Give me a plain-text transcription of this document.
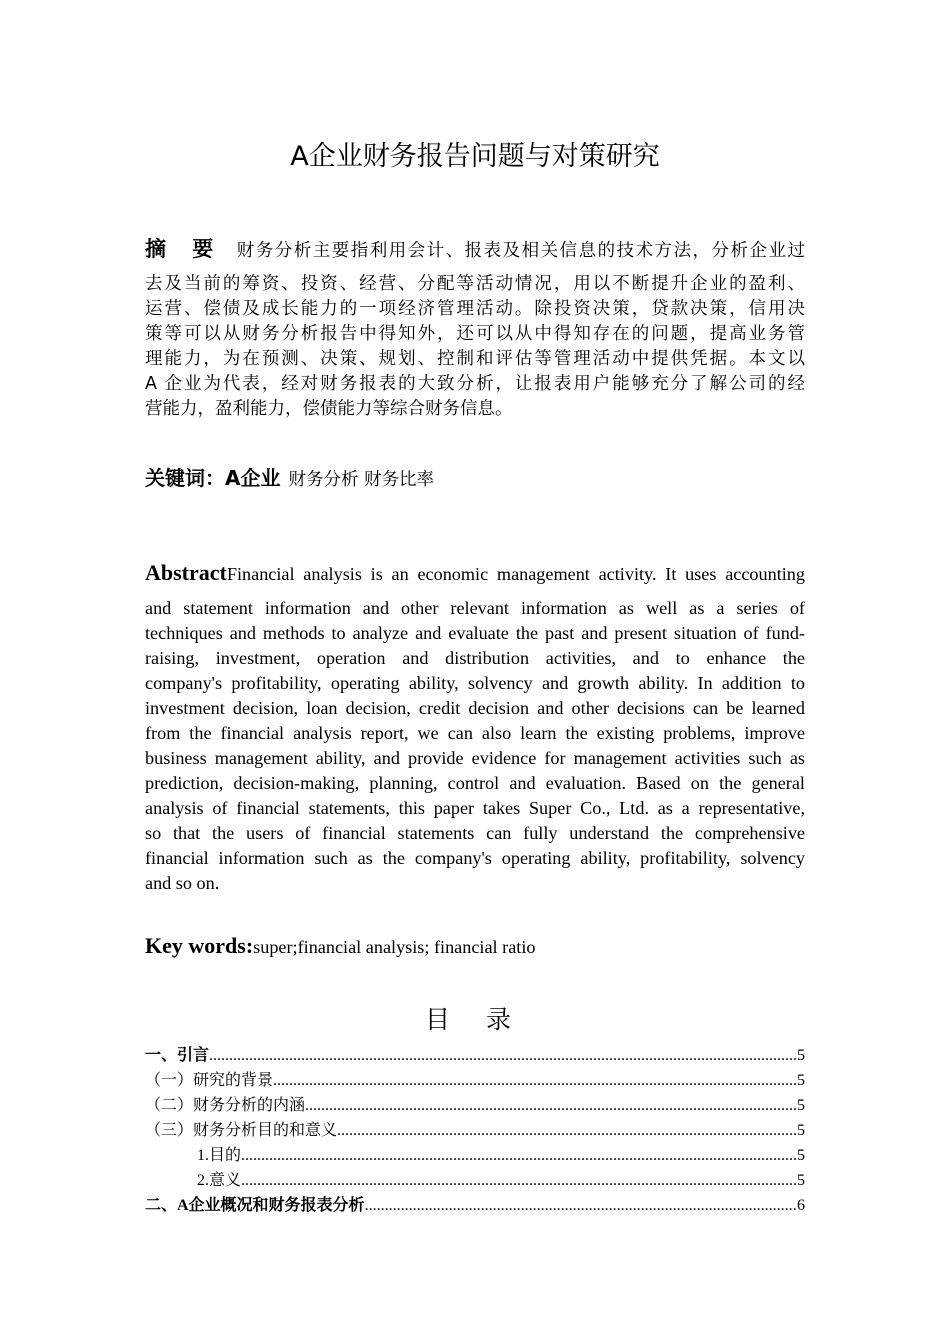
A企业财务报告问题与对策研究
摘 要 财务分析主要指利用会计、报表及相关信息的技术方法，分析企业过
去及当前的筹资、投资、经营、分配等活动情况，用以不断提升企业的盈利、
运营、偿债及成长能力的一项经济管理活动。除投资决策，贷款决策，信用决
策等可以从财务分析报告中得知外，还可以从中得知存在的问题，提高业务管
理能力，为在预测、决策、规划、控制和评估等管理活动中提供凭据。本文以
A 企业为代表，经对财务报表的大致分析，让报表用户能够充分了解公司的经
营能力，盈利能力，偿债能力等综合财务信息。
关键词：A企业 财务分析 财务比率
AbstractFinancial analysis is an economic management activity. It uses accounting
and statement information and other relevant information as well as a series of
techniques and methods to analyze and evaluate the past and present situation of fund-
raising, investment, operation and distribution activities, and to enhance the
company's profitability, operating ability, solvency and growth ability. In addition to
investment decision, loan decision, credit decision and other decisions can be learned
from the financial analysis report, we can also learn the existing problems, improve
business management ability, and provide evidence for management activities such as
prediction, decision-making, planning, control and evaluation. Based on the general
analysis of financial statements, this paper takes Super Co., Ltd. as a representative,
so that the users of financial statements can fully understand the comprehensive
financial information such as the company's operating ability, profitability, solvency
and so on.
Key words:super;financial analysis; financial ratio
目 录
一、引言 .....	5
（一）研究的背景 .....	5
（二）财务分析的内涵 .....	5
（三）财务分析目的和意义 .....	5
1.目的 .....	5
2.意义 .....	5
二、A企业概况和财务报表分析 .....	6
